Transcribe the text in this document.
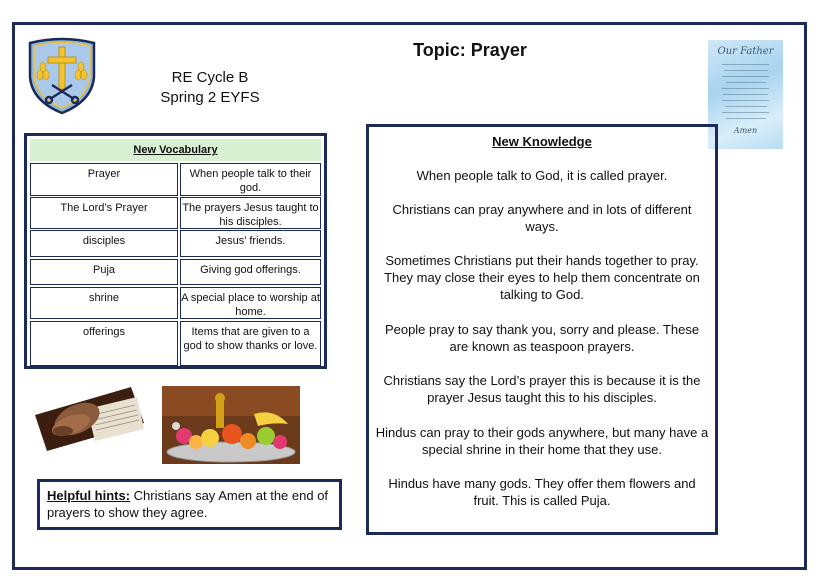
Topic: Prayer
RE Cycle B
Spring 2 EYFS
Our Father
Amen
New Vocabulary
Prayer	When people talk to their god.
The Lord’s Prayer	The prayers Jesus taught to his disciples.
disciples	Jesus’ friends.
Puja	Giving god offerings.
shrine	A special place to worship at home.
offerings	Items that are given to a god to show thanks or love.
Helpful hints: Christians say Amen at the end of prayers to show they agree.
New Knowledge
When people talk to God, it is called prayer.
Christians can pray anywhere and in lots of different ways.
Sometimes Christians put their hands together to pray. They may close their eyes to help them concentrate on talking to God.
People pray to say thank you, sorry and please. These are known as teaspoon prayers.
Christians say the Lord’s prayer this is because it is the prayer Jesus taught this to his disciples.
Hindus can pray to their gods anywhere, but many have a special shrine in their home that they use.
Hindus have many gods. They offer them flowers and fruit. This is called Puja.
